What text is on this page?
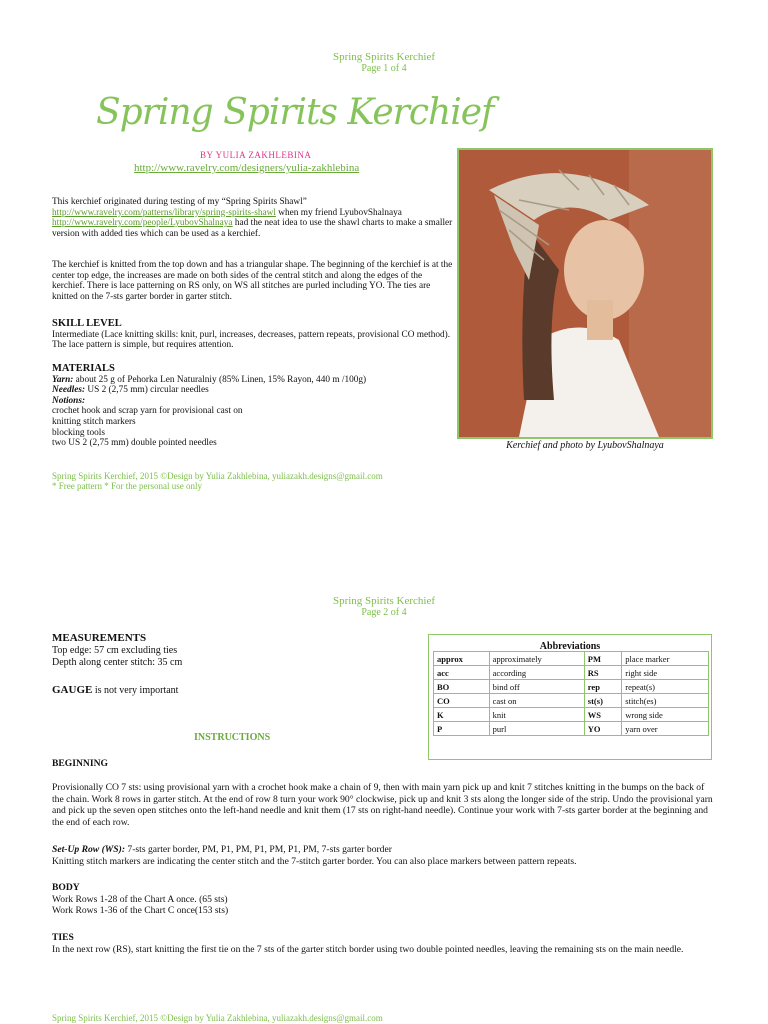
Spring Spirits Kerchief
Page 1 of 4
Spring Spirits Kerchief
BY YULIA ZAKHLEBINA
http://www.ravelry.com/designers/yulia-zakhlebina
This kerchief originated during testing of my “Spring Spirits Shawl”
http://www.ravelry.com/patterns/library/spring-spirits-shawl when my friend LyubovShalnaya
http://www.ravelry.com/people/LyubovShalnaya had the neat idea to use the shawl charts to make a smaller version with added ties which can be used as a kerchief.
The kerchief is knitted from the top down and has a triangular shape. The beginning of the kerchief is at the center top edge, the increases are made on both sides of the central stitch and along the edges of the kerchief. There is lace patterning on RS only, on WS all stitches are purled including YO. The ties are knitted on the 7-sts garter border in garter stitch.
SKILL LEVEL
Intermediate (Lace knitting skills: knit, purl, increases, decreases, pattern repeats, provisional CO method). The lace pattern is simple, but requires attention.
MATERIALS
Yarn: about 25 g of Pehorka Len Naturalniy (85% Linen, 15% Rayon, 440 m /100g)
Needles: US 2 (2,75 mm) circular needles
Notions:
crochet hook and scrap yarn for provisional cast on
knitting stitch markers
blocking tools
two US 2 (2,75 mm) double pointed needles	Kerchief and photo by LyubovShalnaya
Spring Spirits Kerchief, 2015 ©Design by Yulia Zakhlebina, yuliazakh.designs@gmail.com
* Free pattern * For the personal use only
Spring Spirits Kerchief
Page 2 of 4
MEASUREMENTS
Top edge: 57 cm excluding ties
Depth along center stitch: 35 cm
GAUGE is not very important
Abbreviations
approx	approximately	PM	place marker
acc	according	RS	right side
BO	bind off	rep	repeat(s)
CO	cast on	st(s)	stitch(es)
K	knit	WS	wrong side
P	purl	YO	yarn over
INSTRUCTIONS
BEGINNING
Provisionally CO 7 sts: using provisional yarn with a crochet hook make a chain of 9, then with main yarn pick up and knit 7 stitches knitting in the bumps on the back of the chain. Work 8 rows in garter stitch. At the end of row 8 turn your work 90° clockwise, pick up and knit 3 sts along the longer side of the strip. Undo the provisional yarn and pick up the seven open stitches onto the left-hand needle and knit them (17 sts on right-hand needle). Continue your work with 7-sts garter border at the beginning and the end of each row.
Set-Up Row (WS): 7-sts garter border, PM, P1, PM, P1, PM, P1, PM, 7-sts garter border
Knitting stitch markers are indicating the center stitch and the 7-stitch garter border. You can also place markers between pattern repeats.
BODY
Work Rows 1-28 of the Chart A once. (65 sts)
Work Rows 1-36 of the Chart C once(153 sts)
TIES
In the next row (RS), start knitting the first tie on the 7 sts of the garter stitch border using two double pointed needles, leaving the remaining sts on the main needle.
Spring Spirits Kerchief, 2015 ©Design by Yulia Zakhlebina, yuliazakh.designs@gmail.com
